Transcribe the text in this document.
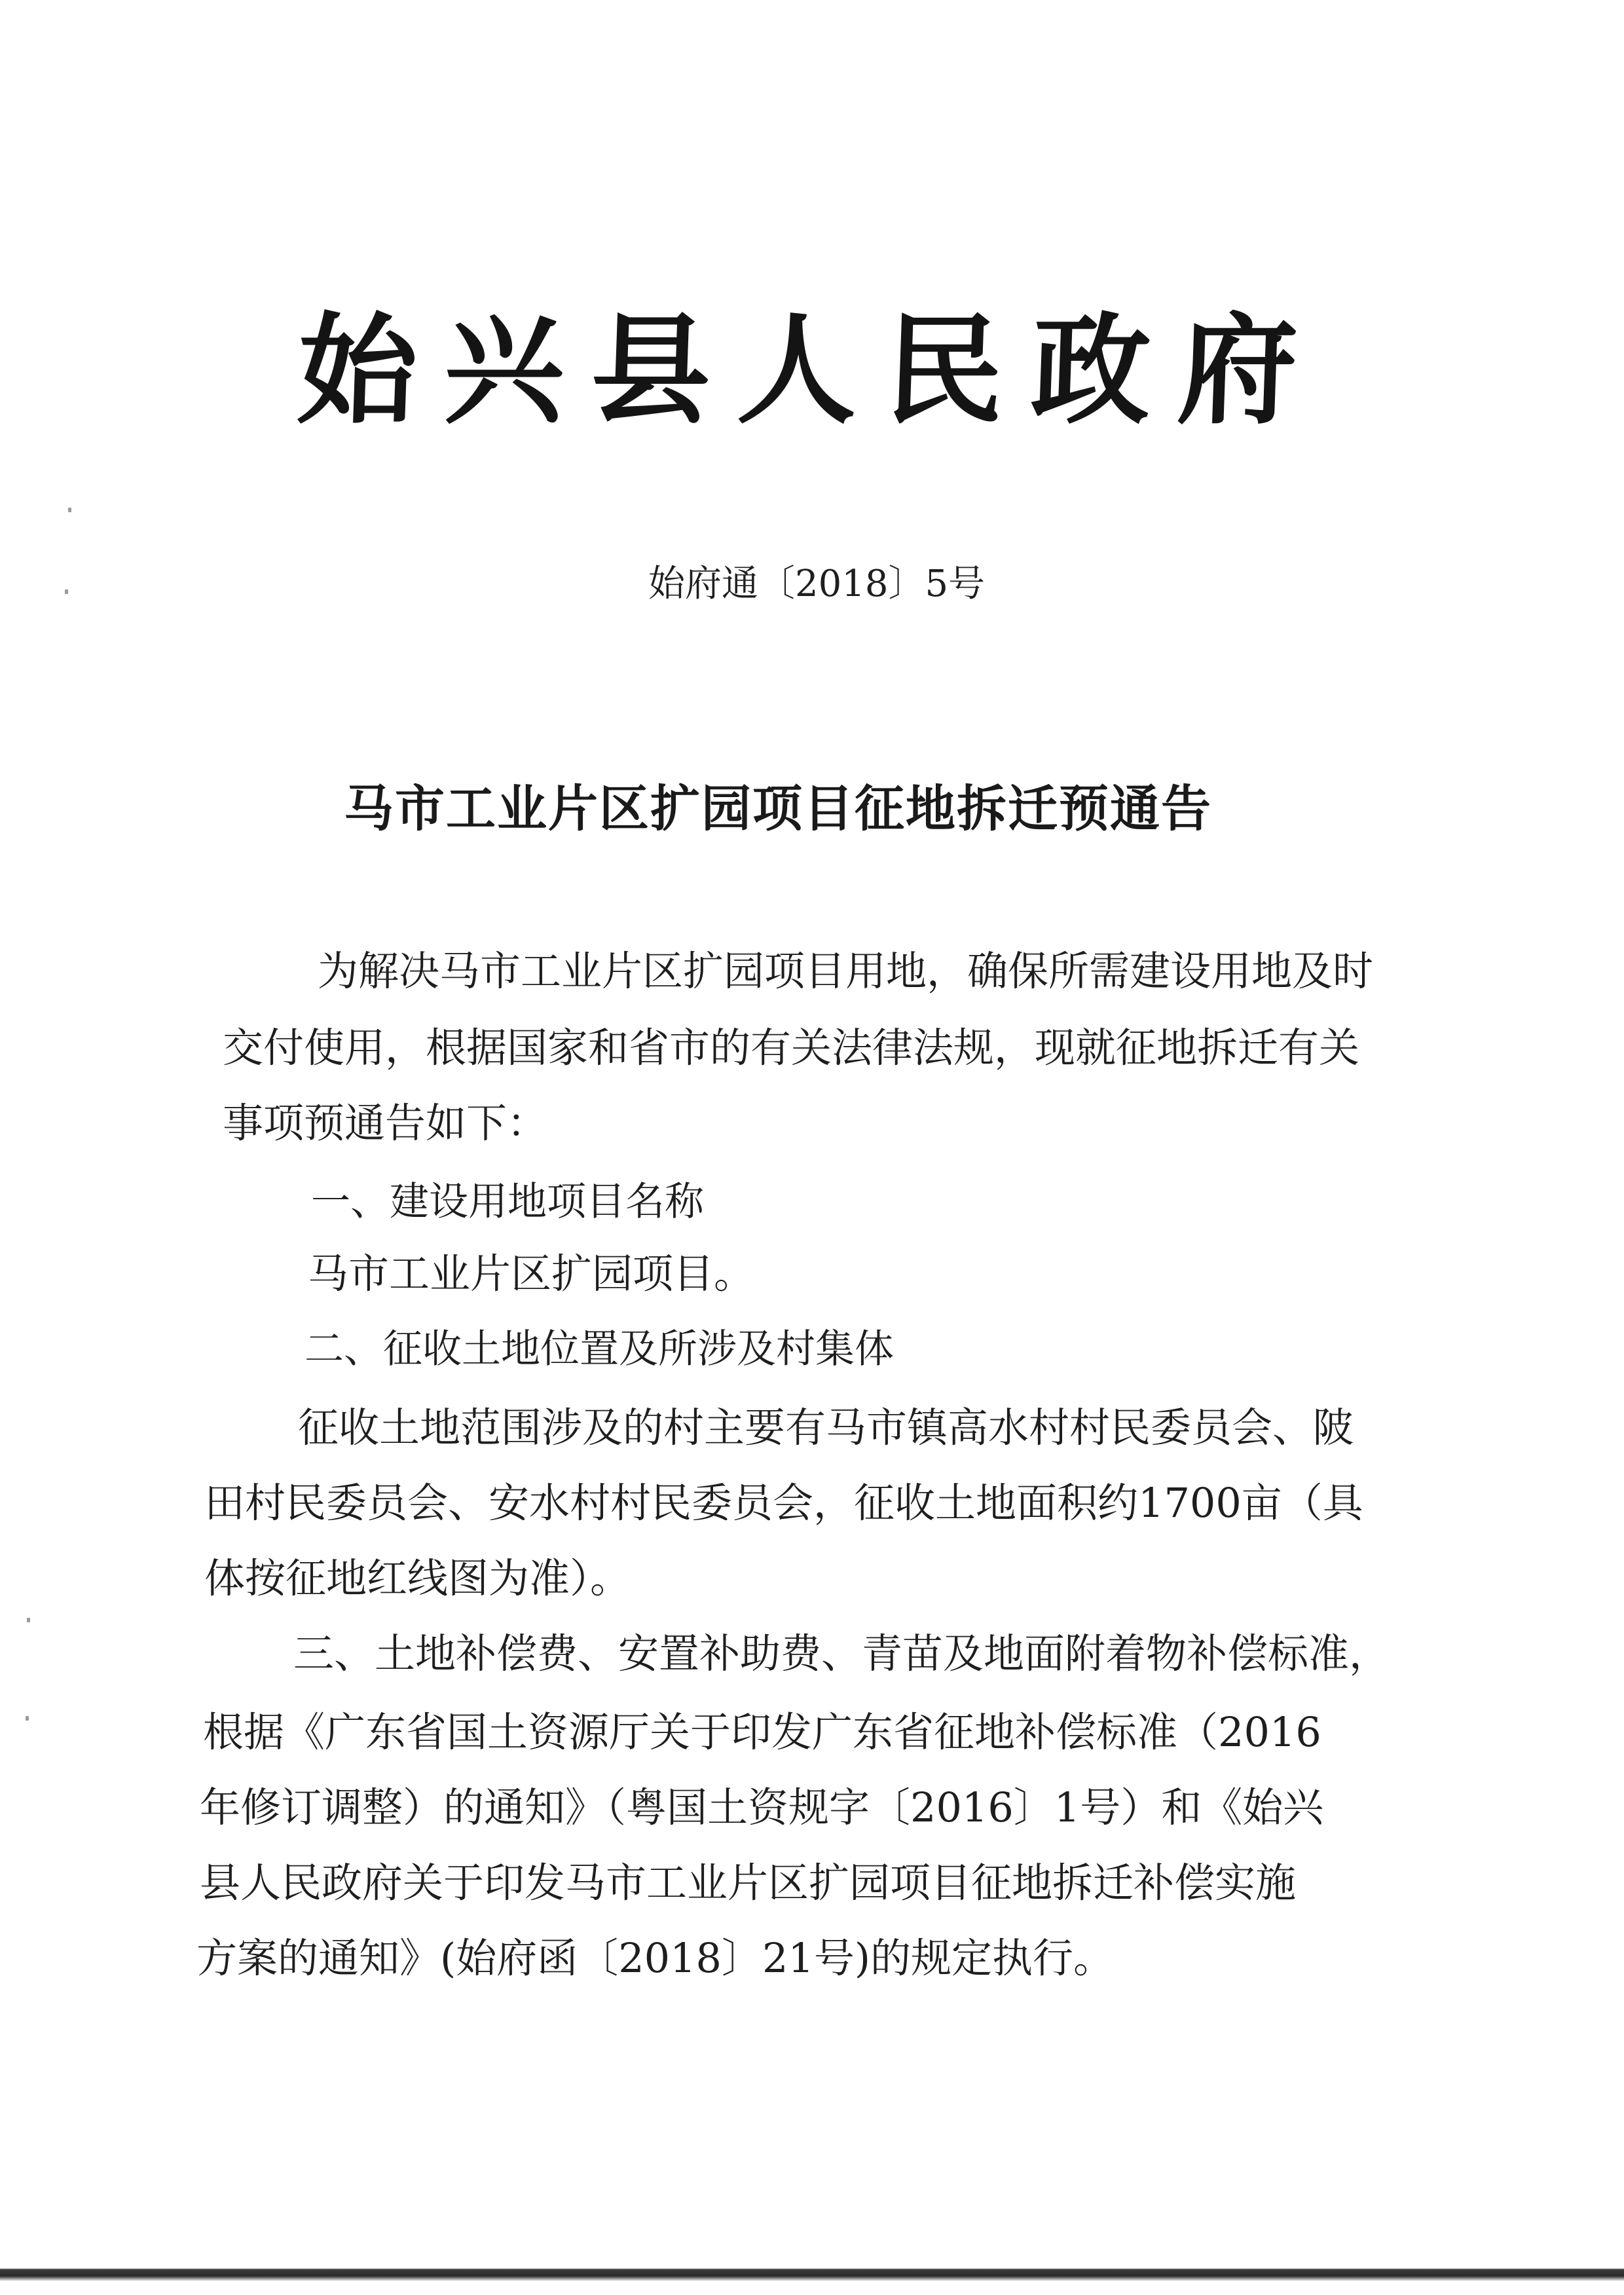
始兴县人民政府
始府通〔2018〕5号
马市工业片区扩园项目征地拆迁预通告
为解决马市工业片区扩园项目用地，确保所需建设用地及时
交付使用，根据国家和省市的有关法律法规，现就征地拆迁有关
事项预通告如下：
一、建设用地项目名称
马市工业片区扩园项目。
二、征收土地位置及所涉及村集体
征收土地范围涉及的村主要有马市镇高水村村民委员会、陂
田村民委员会、安水村村民委员会，征收土地面积约1700亩（具
体按征地红线图为准）。
三、土地补偿费、安置补助费、青苗及地面附着物补偿标准，
根据《广东省国土资源厅关于印发广东省征地补偿标准（2016
年修订调整）的通知》（粤国土资规字〔2016〕1号）和《始兴
县人民政府关于印发马市工业片区扩园项目征地拆迁补偿实施
方案的通知》(始府函〔2018〕21号)的规定执行。
